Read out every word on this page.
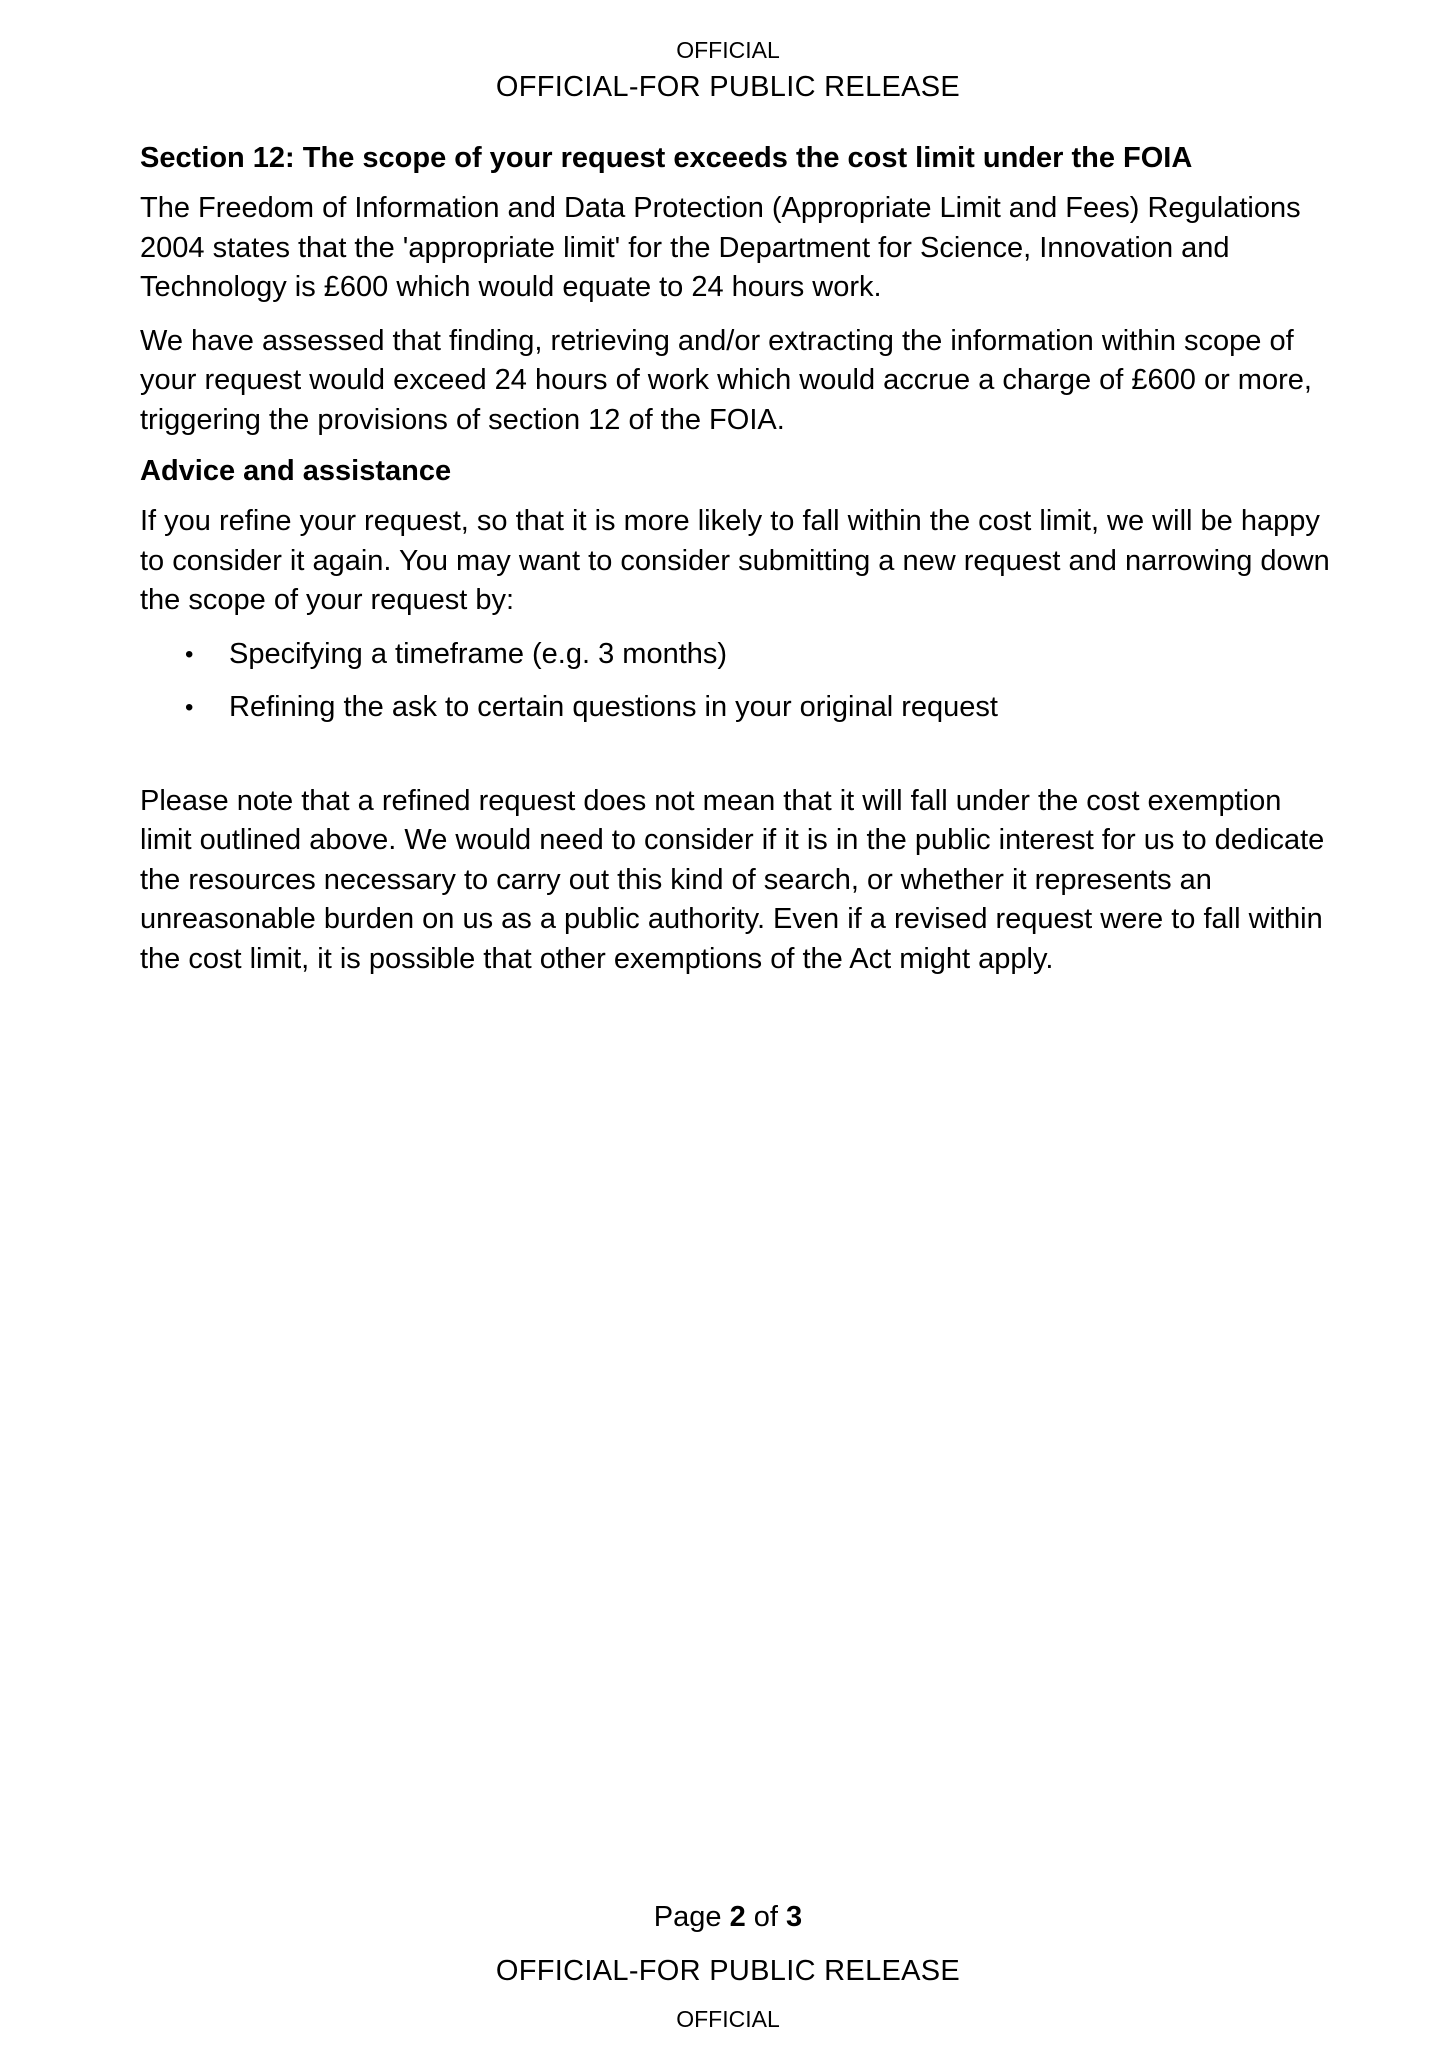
OFFICIAL
OFFICIAL-FOR PUBLIC RELEASE
Section 12: The scope of your request exceeds the cost limit under the FOIA

The Freedom of Information and Data Protection (Appropriate Limit and Fees) Regulations 2004 states that the 'appropriate limit' for the Department for Science, Innovation and Technology is £600 which would equate to 24 hours work.

We have assessed that finding, retrieving and/or extracting the information within scope of your request would exceed 24 hours of work which would accrue a charge of £600 or more, triggering the provisions of section 12 of the FOIA.

Advice and assistance

If you refine your request, so that it is more likely to fall within the cost limit, we will be happy to consider it again. You may want to consider submitting a new request and narrowing down the scope of your request by:

• Specifying a timeframe (e.g. 3 months)
• Refining the ask to certain questions in your original request

Please note that a refined request does not mean that it will fall under the cost exemption limit outlined above. We would need to consider if it is in the public interest for us to dedicate the resources necessary to carry out this kind of search, or whether it represents an unreasonable burden on us as a public authority. Even if a revised request were to fall within the cost limit, it is possible that other exemptions of the Act might apply.

Page 2 of 3
OFFICIAL-FOR PUBLIC RELEASE
OFFICIAL
